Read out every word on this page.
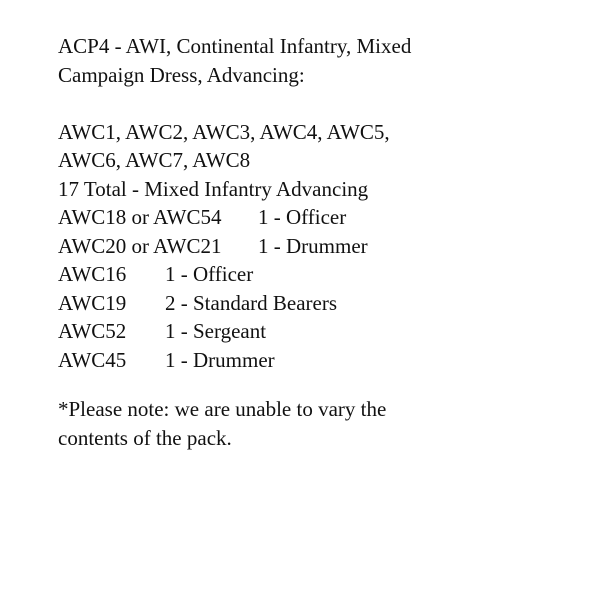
ACP4 - AWI, Continental Infantry, Mixed
Campaign Dress, Advancing:
AWC1, AWC2, AWC3, AWC4, AWC5,
AWC6, AWC7, AWC8
17 Total - Mixed Infantry Advancing
AWC18 or AWC54	1 - Officer
AWC20 or AWC21	1 - Drummer
AWC16	1 - Officer
AWC19	2 - Standard Bearers
AWC52	1 - Sergeant
AWC45	1 - Drummer
*Please note: we are unable to vary the
contents of the pack.
